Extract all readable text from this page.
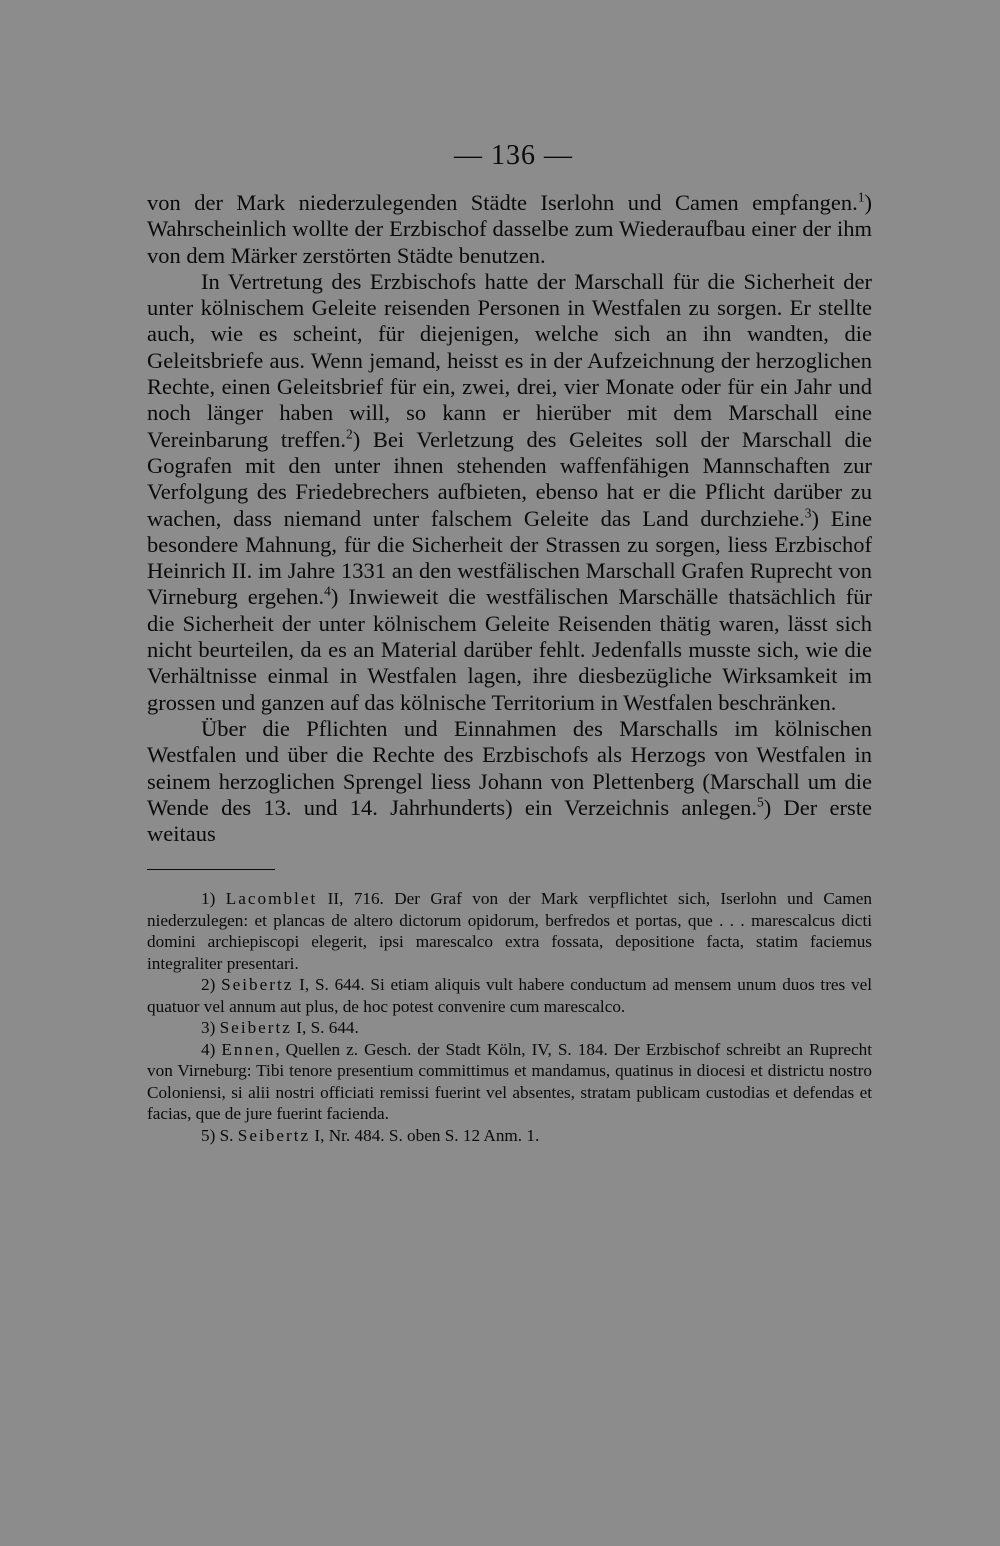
— 136 —

von der Mark niederzulegenden Städte Iserlohn und Camen empfangen.$^1$) Wahrscheinlich wollte der Erzbischof dasselbe zum Wiederaufbau einer der ihm von dem Märker zerstörten Städte benutzen.

In Vertretung des Erzbischofs hatte der Marschall für die Sicherheit der unter kölnischem Geleite reisenden Personen in Westfalen zu sorgen. Er stellte auch, wie es scheint, für diejenigen, welche sich an ihn wandten, die Geleitsbriefe aus. Wenn jemand, heisst es in der Aufzeichnung der herzoglichen Rechte, einen Geleitsbrief für ein, zwei, drei, vier Monate oder für ein Jahr und noch länger haben will, so kann er hierüber mit dem Marschall eine Vereinbarung treffen.$^2$) Bei Verletzung des Geleites soll der Marschall die Gografen mit den unter ihnen stehenden waffenfähigen Mannschaften zur Verfolgung des Friedebrechers aufbieten, ebenso hat er die Pflicht darüber zu wachen, dass niemand unter falschem Geleite das Land durchziehe.$^3$) Eine besondere Mahnung, für die Sicherheit der Strassen zu sorgen, liess Erzbischof Heinrich II. im Jahre 1331 an den westfälischen Marschall Grafen Ruprecht von Virneburg ergehen.$^4$) Inwieweit die westfälischen Marschälle thatsächlich für die Sicherheit der unter kölnischem Geleite Reisenden thätig waren, lässt sich nicht beurteilen, da es an Material darüber fehlt. Jedenfalls musste sich, wie die Verhältnisse einmal in Westfalen lagen, ihre diesbezügliche Wirksamkeit im grossen und ganzen auf das kölnische Territorium in Westfalen beschränken.

Über die Pflichten und Einnahmen des Marschalls im kölnischen Westfalen und über die Rechte des Erzbischofs als Herzogs von Westfalen in seinem herzoglichen Sprengel liess Johann von Plettenberg (Marschall um die Wende des 13. und 14. Jahrhunderts) ein Verzeichnis anlegen.$^5$) Der erste weitaus

1) Lacomblet II, 716. Der Graf von der Mark verpflichtet sich, Iserlohn und Camen niederzulegen: et plancas de altero dictorum opidorum, berfredos et portas, que . . . marescalcus dicti domini archiepiscopi elegerit, ipsi marescalco extra fossata, depositione facta, statim faciemus integraliter presentari.

2) Seibertz I, S. 644. Si etiam aliquis vult habere conductum ad mensem unum duos tres vel quatuor vel annum aut plus, de hoc potest convenire cum marescalco.

3) Seibertz I, S. 644.

4) Ennen, Quellen z. Gesch. der Stadt Köln, IV, S. 184. Der Erzbischof schreibt an Ruprecht von Virneburg: Tibi tenore presentium committimus et mandamus, quatinus in diocesi et districtu nostro Coloniensi, si alii nostri officiati remissi fuerint vel absentes, stratam publicam custodias et defendas et facias, que de jure fuerint facienda.

5) S. Seibertz I, Nr. 484. S. oben S. 12 Anm. 1.
